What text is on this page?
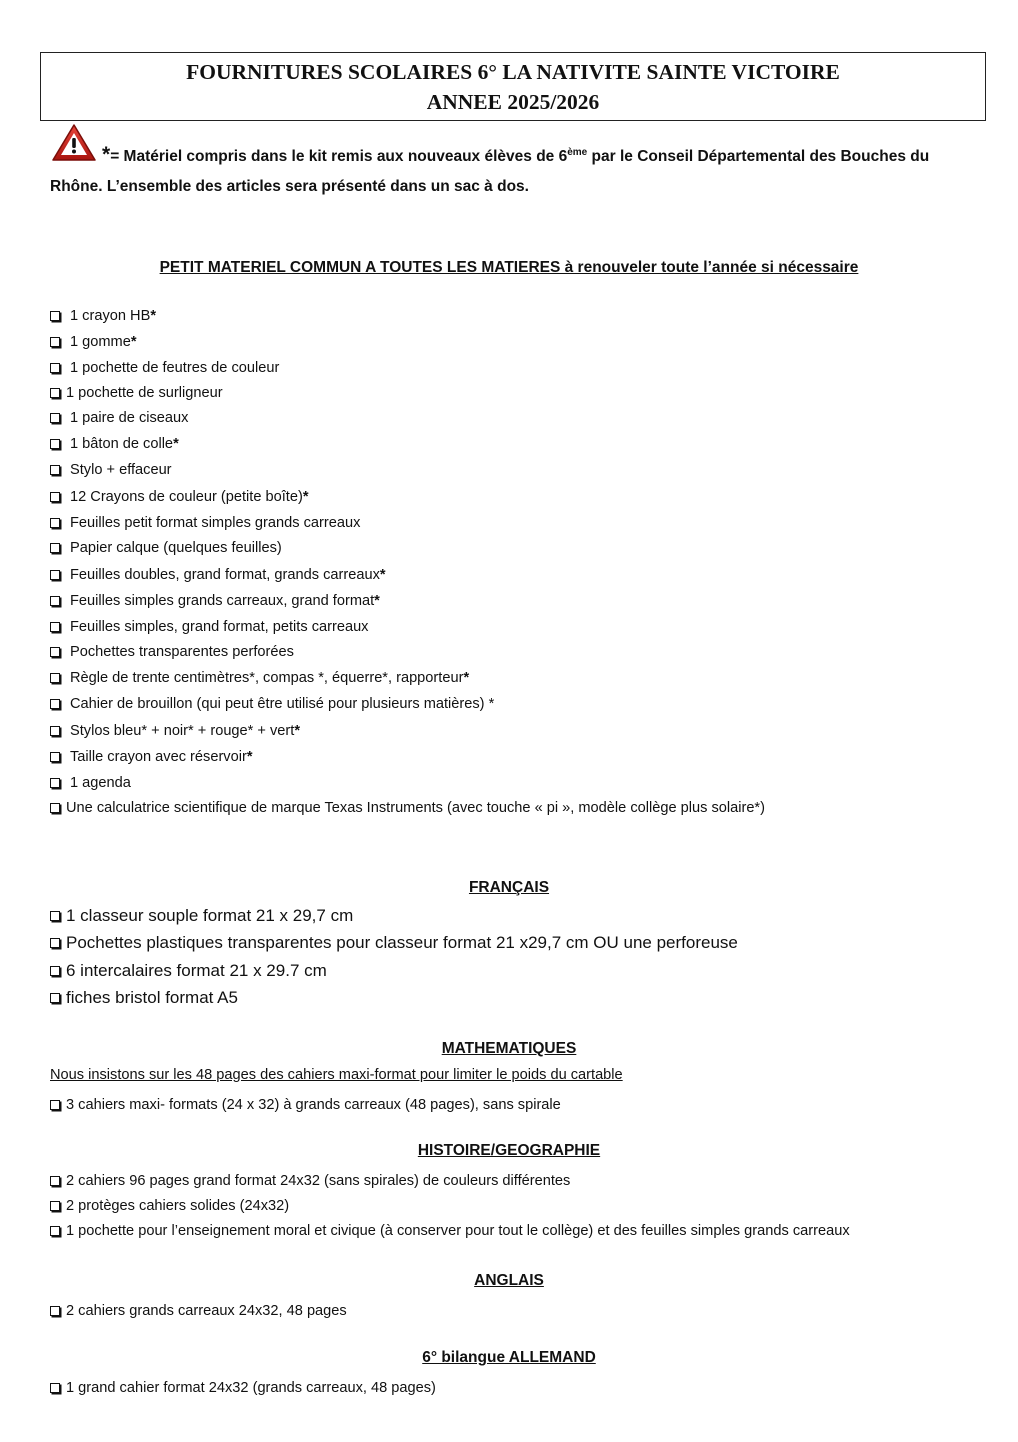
FOURNITURES SCOLAIRES 6° LA NATIVITE SAINTE VICTOIRE
ANNEE 2025/2026
*= Matériel compris dans le kit remis aux nouveaux élèves de 6ème par le Conseil Départemental des Bouches du Rhône. L’ensemble des articles sera présenté dans un sac à dos.
PETIT MATERIEL COMMUN A TOUTES LES MATIERES à renouveler toute l’année si nécessaire
1 crayon HB *
1 gomme *
1 pochette de feutres de couleur
1 pochette de surligneur
1 paire de ciseaux
1 bâton de colle *
Stylo + effaceur
12 Crayons de couleur (petite boîte) *
Feuilles petit format simples grands carreaux
Papier calque (quelques feuilles)
Feuilles doubles, grand format, grands carreaux *
Feuilles simples grands carreaux, grand format *
Feuilles simples, grand format, petits carreaux
Pochettes transparentes perforées
Règle de trente centimètres*, compas *, équerre*, rapporteur *
Cahier de brouillon (qui peut être utilisé pour plusieurs matières) *
Stylos bleu* + noir* + rouge* + vert *
Taille crayon avec réservoir *
1 agenda
Une calculatrice scientifique de marque Texas Instruments (avec touche « pi », modèle collège plus solaire*)
FRANÇAIS
1 classeur souple format 21 x 29,7 cm
Pochettes plastiques transparentes pour classeur format 21 x29,7 cm OU une perforeuse
6 intercalaires format 21 x 29.7 cm
fiches bristol format A5
MATHEMATIQUES
Nous insistons sur les 48 pages des cahiers maxi-format pour limiter le poids du cartable
3 cahiers maxi- formats (24 x 32) à grands carreaux (48 pages), sans spirale
HISTOIRE/GEOGRAPHIE
2 cahiers 96 pages grand format 24x32 (sans spirales) de couleurs différentes
2 protèges cahiers solides (24x32)
1 pochette pour l’enseignement moral et civique (à conserver pour tout le collège) et des feuilles simples grands carreaux
ANGLAIS
2 cahiers grands carreaux 24x32, 48 pages
6° bilangue ALLEMAND
1 grand cahier format 24x32 (grands carreaux, 48 pages)
